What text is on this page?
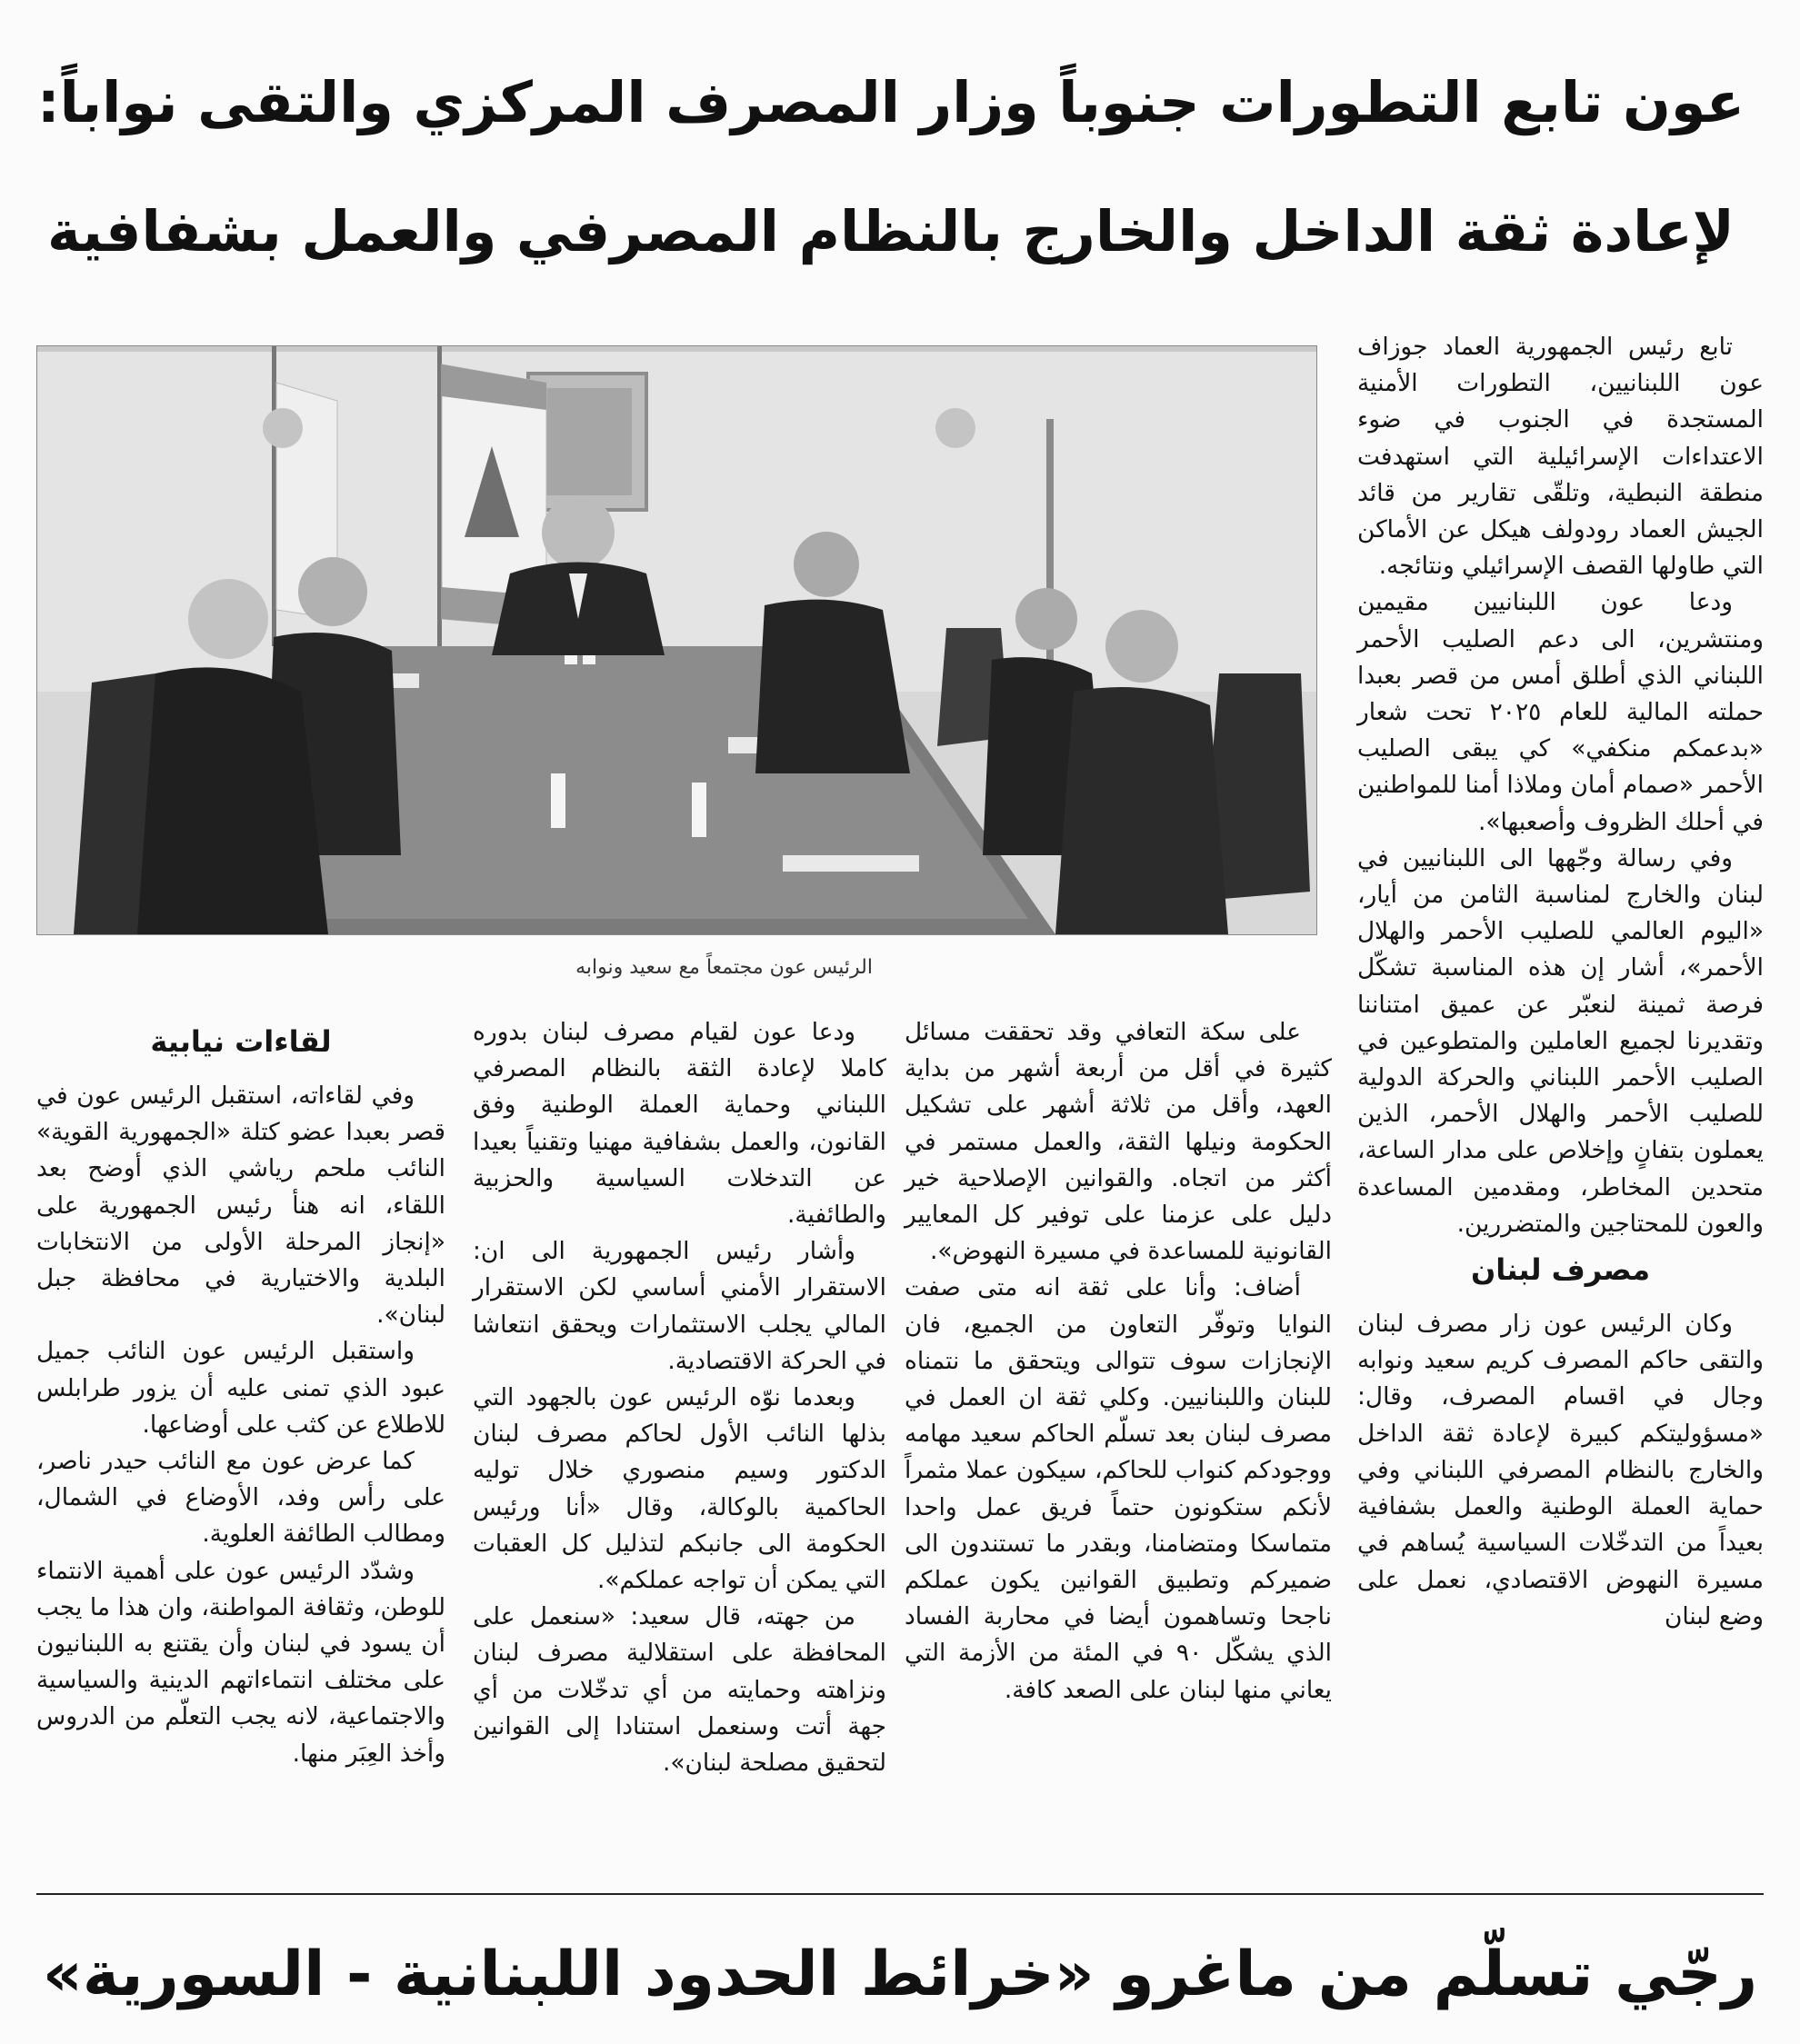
عون تابع التطورات جنوباً وزار المصرف المركزي والتقى نواباً:
لإعادة ثقة الداخل والخارج بالنظام المصرفي والعمل بشفافية
الرئيس عون مجتمعاً مع سعيد ونوابه

تابع رئيس الجمهورية العماد جوزاف عون اللبنانيين، التطورات الأمنية المستجدة في الجنوب في ضوء الاعتداءات الإسرائيلية التي استهدفت منطقة النبطية، وتلقّى تقارير من قائد الجيش العماد رودولف هيكل عن الأماكن التي طاولها القصف الإسرائيلي ونتائجه.

ودعا عون اللبنانيين مقيمين ومنتشرين، الى دعم الصليب الأحمر اللبناني الذي أطلق أمس من قصر بعبدا حملته المالية للعام ٢٠٢٥ تحت شعار «بدعمكم منكفي» كي يبقى الصليب الأحمر «صمام أمان وملاذا أمنا للمواطنين في أحلك الظروف وأصعبها».

وفي رسالة وجّهها الى اللبنانيين في لبنان والخارج لمناسبة الثامن من أيار، «اليوم العالمي للصليب الأحمر والهلال الأحمر»، أشار إن هذه المناسبة تشكّل فرصة ثمينة لنعبّر عن عميق امتناننا وتقديرنا لجميع العاملين والمتطوعين في الصليب الأحمر اللبناني والحركة الدولية للصليب الأحمر والهلال الأحمر، الذين يعملون بتفانٍ وإخلاص على مدار الساعة، متحدين المخاطر، ومقدمين المساعدة والعون للمحتاجين والمتضررين.

مصرف لبنان

وكان الرئيس عون زار مصرف لبنان والتقى حاكم المصرف كريم سعيد ونوابه وجال في اقسام المصرف، وقال: «مسؤوليتكم كبيرة لإعادة ثقة الداخل والخارج بالنظام المصرفي اللبناني وفي حماية العملة الوطنية والعمل بشفافية بعيداً من التدخّلات السياسية يُساهم في مسيرة النهوض الاقتصادي، نعمل على وضع لبنان

على سكة التعافي وقد تحققت مسائل كثيرة في أقل من أربعة أشهر من بداية العهد، وأقل من ثلاثة أشهر على تشكيل الحكومة ونيلها الثقة، والعمل مستمر في أكثر من اتجاه. والقوانين الإصلاحية خير دليل على عزمنا على توفير كل المعايير القانونية للمساعدة في مسيرة النهوض».

أضاف: وأنا على ثقة انه متى صفت النوايا وتوفّر التعاون من الجميع، فان الإنجازات سوف تتوالى ويتحقق ما نتمناه للبنان واللبنانيين. وكلي ثقة ان العمل في مصرف لبنان بعد تسلّم الحاكم سعيد مهامه ووجودكم كنواب للحاكم، سيكون عملا مثمراً لأنكم ستكونون حتماً فريق عمل واحدا متماسكا ومتضامنا، وبقدر ما تستندون الى ضميركم وتطبيق القوانين يكون عملكم ناجحا وتساهمون أيضا في محاربة الفساد الذي يشكّل ٩٠ في المئة من الأزمة التي يعاني منها لبنان على الصعد كافة.

ودعا عون لقيام مصرف لبنان بدوره كاملا لإعادة الثقة بالنظام المصرفي اللبناني وحماية العملة الوطنية وفق القانون، والعمل بشفافية مهنيا وتقنياً بعيدا عن التدخلات السياسية والحزبية والطائفية.

وأشار رئيس الجمهورية الى ان: الاستقرار الأمني أساسي لكن الاستقرار المالي يجلب الاستثمارات ويحقق انتعاشا في الحركة الاقتصادية.

وبعدما نوّه الرئيس عون بالجهود التي بذلها النائب الأول لحاكم مصرف لبنان الدكتور وسيم منصوري خلال توليه الحاكمية بالوكالة، وقال «أنا ورئيس الحكومة الى جانبكم لتذليل كل العقبات التي يمكن أن تواجه عملكم».

من جهته، قال سعيد: «سنعمل على المحافظة على استقلالية مصرف لبنان ونزاهته وحمايته من أي تدخّلات من أي جهة أتت وسنعمل استنادا إلى القوانين لتحقيق مصلحة لبنان».

لقاءات نيابية

وفي لقاءاته، استقبل الرئيس عون في قصر بعبدا عضو كتلة «الجمهورية القوية» النائب ملحم رياشي الذي أوضح بعد اللقاء، انه هنأ رئيس الجمهورية على «إنجاز المرحلة الأولى من الانتخابات البلدية والاختيارية في محافظة جبل لبنان».

واستقبل الرئيس عون النائب جميل عبود الذي تمنى عليه أن يزور طرابلس للاطلاع عن كثب على أوضاعها.

كما عرض عون مع النائب حيدر ناصر، على رأس وفد، الأوضاع في الشمال، ومطالب الطائفة العلوية.

وشدّد الرئيس عون على أهمية الانتماء للوطن، وثقافة المواطنة، وان هذا ما يجب أن يسود في لبنان وأن يقتنع به اللبنانيون على مختلف انتماءاتهم الدينية والسياسية والاجتماعية، لانه يجب التعلّم من الدروس وأخذ العِبَر منها.

رجّي تسلّم من ماغرو «خرائط الحدود اللبنانية - السورية»
